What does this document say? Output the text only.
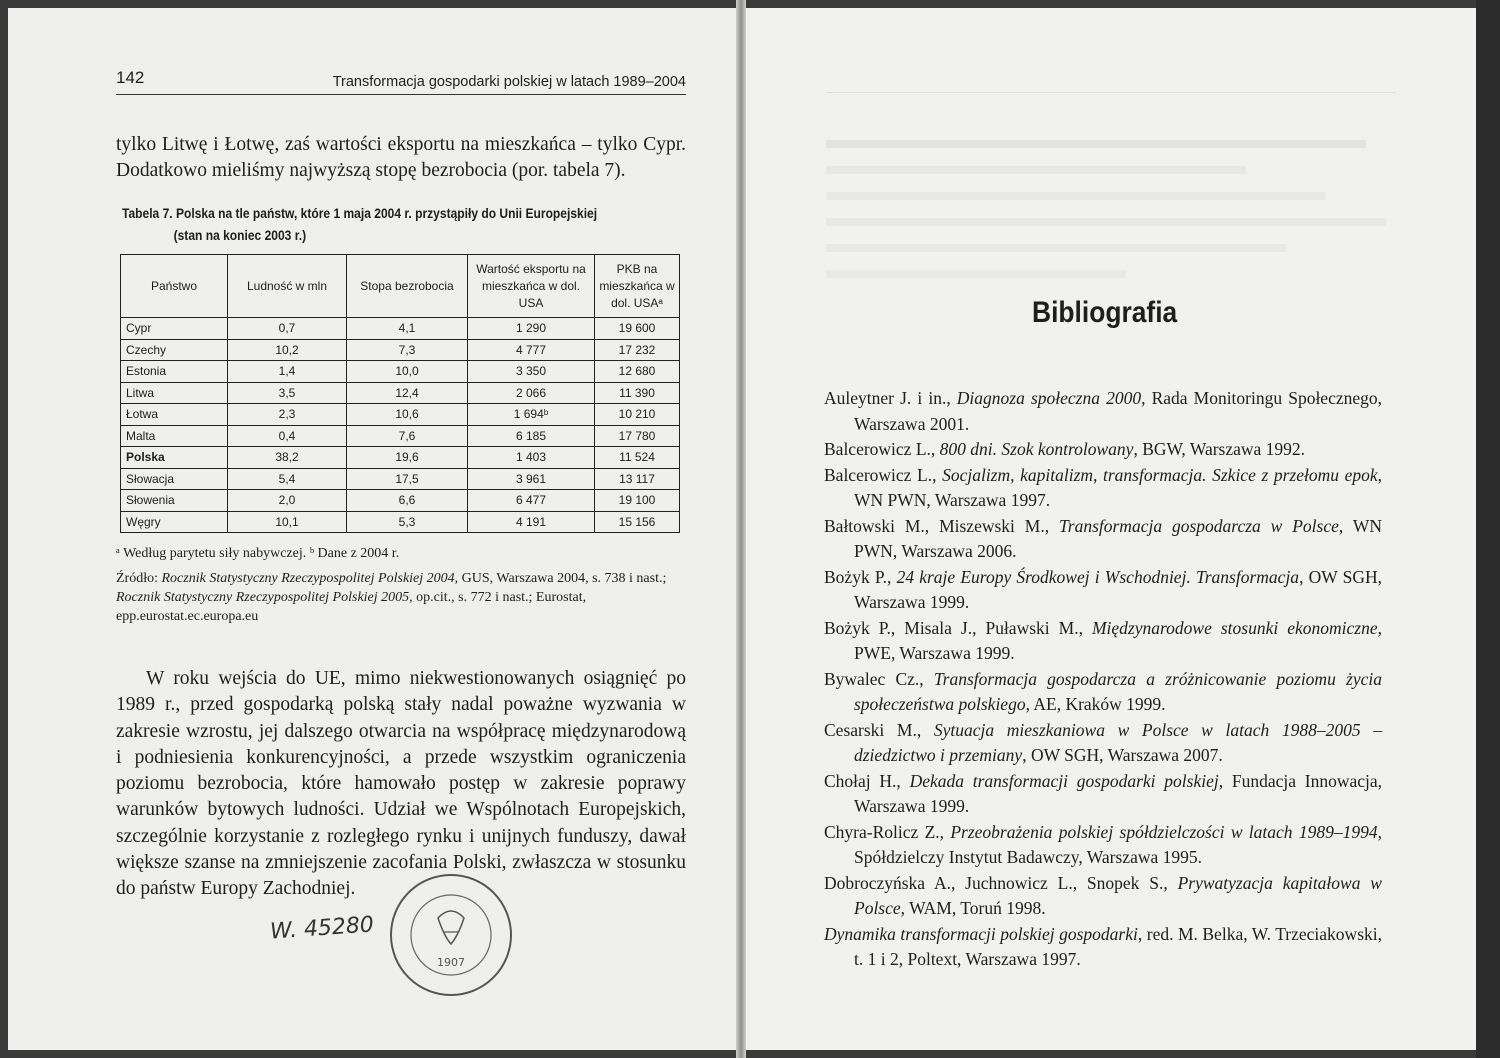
142	Transformacja gospodarki polskiej w latach 1989–2004
tylko Litwę i Łotwę, zaś wartości eksportu na mieszkańca – tylko Cypr. Dodatkowo mieliśmy najwyższą stopę bezrobocia (por. tabela 7).
Tabela 7. Polska na tle państw, które 1 maja 2004 r. przystąpiły do Unii Europejskiej
(stan na koniec 2003 r.)
Państwo	Ludność w mln	Stopa bezrobocia	Wartość eksportu na mieszkańca w dol. USA	PKB na mieszkańca w dol. USAᵃ
Cypr	0,7	4,1	1 290	19 600
Czechy	10,2	7,3	4 777	17 232
Estonia	1,4	10,0	3 350	12 680
Litwa	3,5	12,4	2 066	11 390
Łotwa	2,3	10,6	1 694ᵇ	10 210
Malta	0,4	7,6	6 185	17 780
Polska	38,2	19,6	1 403	11 524
Słowacja	5,4	17,5	3 961	13 117
Słowenia	2,0	6,6	6 477	19 100
Węgry	10,1	5,3	4 191	15 156

ᵃ Według parytetu siły nabywczej. ᵇ Dane z 2004 r.

Źródło: Rocznik Statystyczny Rzeczypospolitej Polskiej 2004, GUS, Warszawa 2004, s. 738 i nast.; Rocznik Statystyczny Rzeczypospolitej Polskiej 2005, op.cit., s. 772 i nast.; Eurostat, epp.eurostat.ec.europa.eu

W roku wejścia do UE, mimo niekwestionowanych osiągnięć po 1989 r., przed gospodarką polską stały nadal poważne wyzwania w zakresie wzrostu, jej dalszego otwarcia na współpracę międzynarodową i podniesienia konkurencyjności, a przede wszystkim ograniczenia poziomu bezrobocia, które hamowało postęp w zakresie poprawy warunków bytowych ludności. Udział we Wspólnotach Europejskich, szczególnie korzystanie z rozległego rynku i unijnych funduszy, dawał większe szanse na zmniejszenie zacofania Polski, zwłaszcza w stosunku do państw Europy Zachodniej.
W. 45280
1907
Bibliografia
Auleytner J. i in., Diagnoza społeczna 2000, Rada Monitoringu Społecznego, Warszawa 2001.
Balcerowicz L., 800 dni. Szok kontrolowany, BGW, Warszawa 1992.
Balcerowicz L., Socjalizm, kapitalizm, transformacja. Szkice z przełomu epok, WN PWN, Warszawa 1997.
Bałtowski M., Miszewski M., Transformacja gospodarcza w Polsce, WN PWN, Warszawa 2006.
Bożyk P., 24 kraje Europy Środkowej i Wschodniej. Transformacja, OW SGH, Warszawa 1999.
Bożyk P., Misala J., Puławski M., Międzynarodowe stosunki ekonomiczne, PWE, Warszawa 1999.
Bywalec Cz., Transformacja gospodarcza a zróżnicowanie poziomu życia społeczeństwa polskiego, AE, Kraków 1999.
Cesarski M., Sytuacja mieszkaniowa w Polsce w latach 1988–2005 – dziedzictwo i przemiany, OW SGH, Warszawa 2007.
Chołaj H., Dekada transformacji gospodarki polskiej, Fundacja Innowacja, Warszawa 1999.
Chyra-Rolicz Z., Przeobrażenia polskiej spółdzielczości w latach 1989–1994, Spółdzielczy Instytut Badawczy, Warszawa 1995.
Dobroczyńska A., Juchnowicz L., Snopek S., Prywatyzacja kapitałowa w Polsce, WAM, Toruń 1998.
Dynamika transformacji polskiej gospodarki, red. M. Belka, W. Trzeciakowski, t. 1 i 2, Poltext, Warszawa 1997.
